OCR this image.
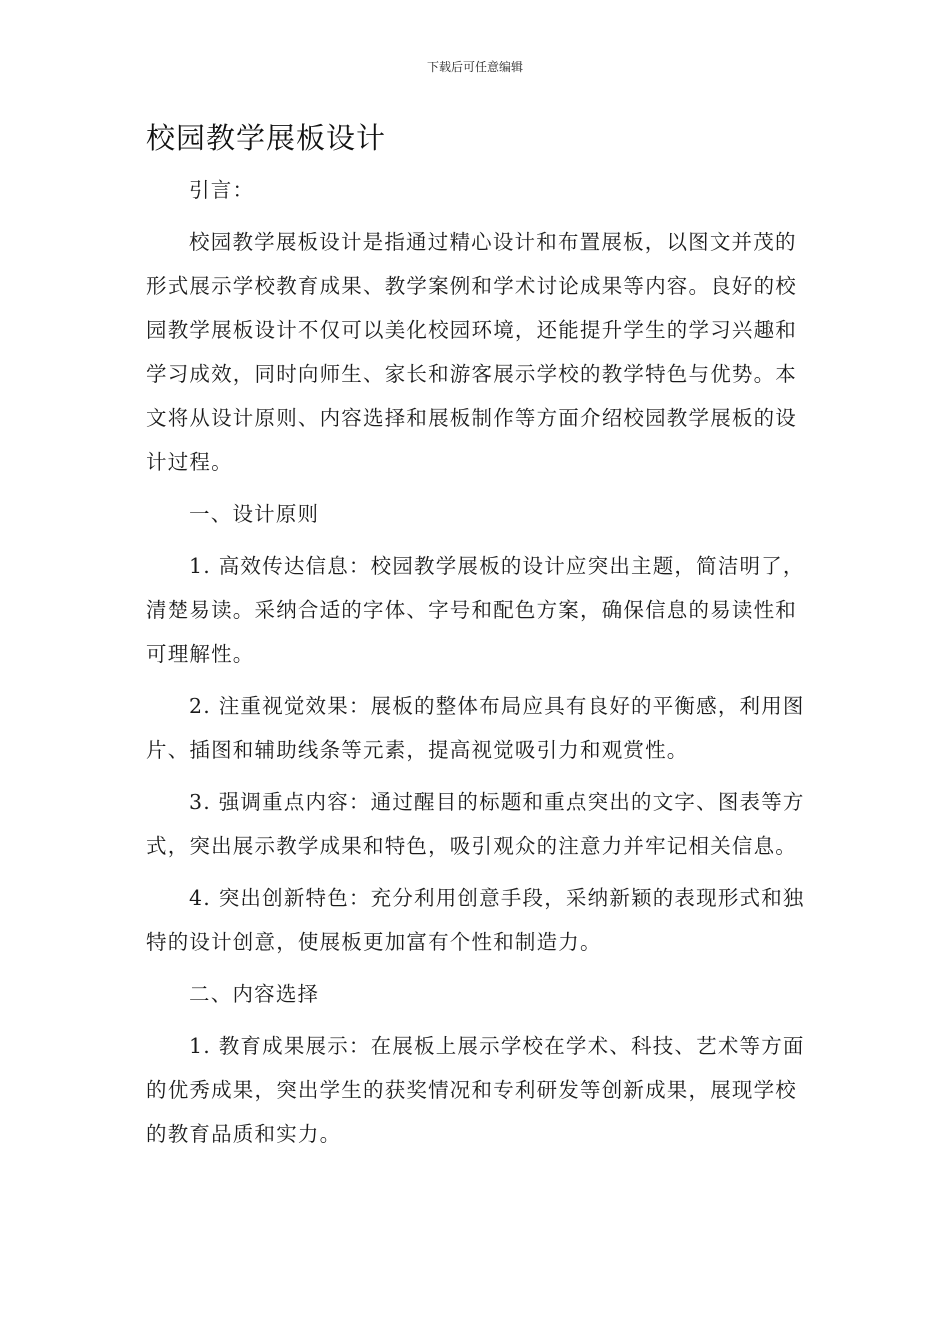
下载后可任意编辑
校园教学展板设计

引言：

校园教学展板设计是指通过精心设计和布置展板，以图文并茂的形式展示学校教育成果、教学案例和学术讨论成果等内容。良好的校园教学展板设计不仅可以美化校园环境，还能提升学生的学习兴趣和学习成效，同时向师生、家长和游客展示学校的教学特色与优势。本文将从设计原则、内容选择和展板制作等方面介绍校园教学展板的设计过程。

一、设计原则

1. 高效传达信息：校园教学展板的设计应突出主题，简洁明了，清楚易读。采纳合适的字体、字号和配色方案，确保信息的易读性和可理解性。

2. 注重视觉效果：展板的整体布局应具有良好的平衡感，利用图片、插图和辅助线条等元素，提高视觉吸引力和观赏性。

3. 强调重点内容：通过醒目的标题和重点突出的文字、图表等方式，突出展示教学成果和特色，吸引观众的注意力并牢记相关信息。

4. 突出创新特色：充分利用创意手段，采纳新颖的表现形式和独特的设计创意，使展板更加富有个性和制造力。

二、内容选择

1. 教育成果展示：在展板上展示学校在学术、科技、艺术等方面的优秀成果，突出学生的获奖情况和专利研发等创新成果，展现学校的教育品质和实力。
